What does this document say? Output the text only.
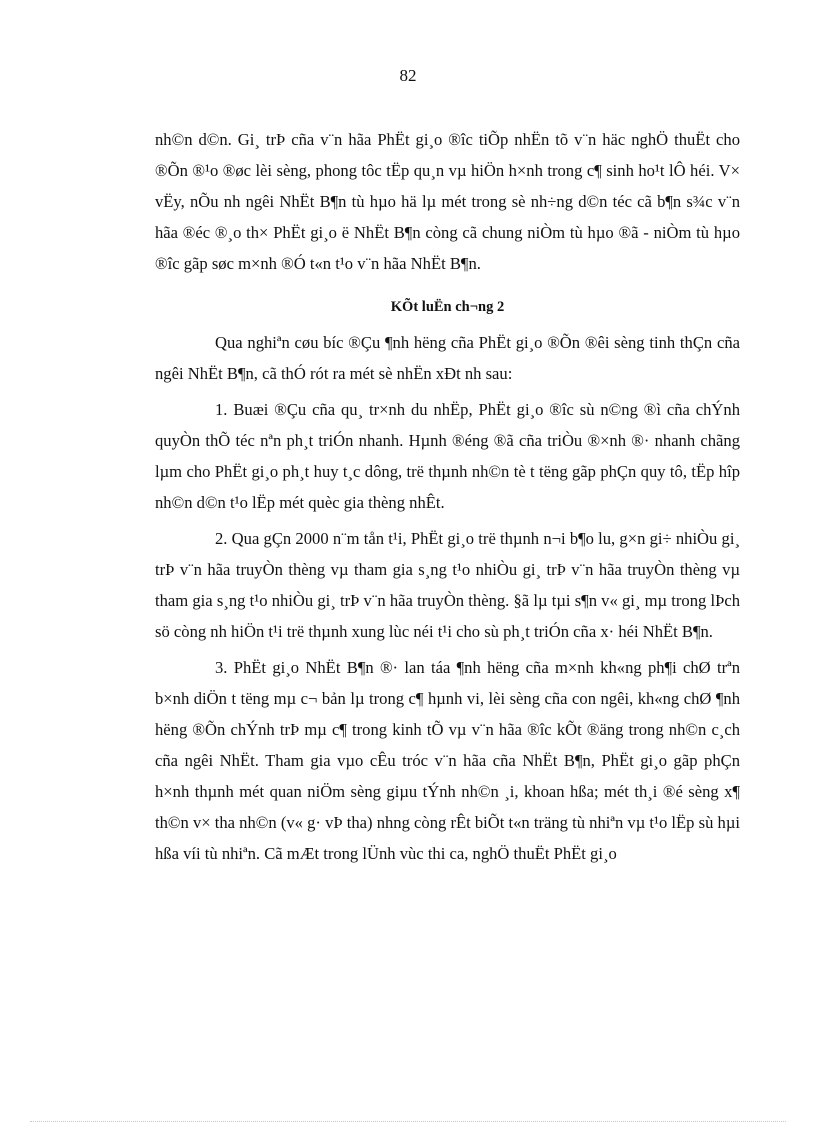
82

nh©n d©n. Gi¸ trÞ cña v¨n hãa PhËt gi¸o ®îc tiÕp nhËn tõ v¨n häc nghÖ thuËt cho ®Õn ®¹o ®øc lèi sèng, phong tôc tËp qu¸n vµ hiÖn h×nh trong c¶ sinh ho¹t lÔ héi. V× vËy, nÕu nh ngêi NhËt B¶n tù hµo hä lµ mét trong sè nh÷ng d©n téc cã b¶n s¾c v¨n hãa ®éc ®¸o th× PhËt gi¸o ë NhËt B¶n còng cã chung niÒm tù hµo ®ã - niÒm tù hµo ®îc gãp søc m×nh ®Ó t«n t¹o v¨n hãa NhËt B¶n.

KÕt luËn ch¬ng 2

Qua nghiªn cøu bíc ®Çu ¶nh hëng cña PhËt gi¸o ®Õn ®êi sèng tinh thÇn cña ngêi NhËt B¶n, cã thÓ rót ra mét sè nhËn xÐt nh sau:

1. Buæi ®Çu cña qu¸ tr×nh du nhËp, PhËt gi¸o ®îc sù n©ng ®ì cña chÝnh quyÒn thÕ téc nªn ph¸t triÓn nhanh. Hµnh ®éng ®ã cña triÒu ®×nh ®· nhanh chãng lµm cho PhËt gi¸o ph¸t huy t¸c dông, trë thµnh nh©n tè t tëng gãp phÇn quy tô, tËp hîp nh©n d©n t¹o lËp mét quèc gia thèng nhÊt.

2. Qua gÇn 2000 n¨m tån t¹i, PhËt gi¸o trë thµnh n¬i b¶o lu, g×n gi÷ nhiÒu gi¸ trÞ v¨n hãa truyÒn thèng vµ tham gia s¸ng t¹o nhiÒu gi¸ trÞ v¨n hãa truyÒn thèng vµ tham gia s¸ng t¹o nhiÒu gi¸ trÞ v¨n hãa truyÒn thèng. §ã lµ tµi s¶n v« gi¸ mµ trong lÞch sö còng nh hiÖn t¹i trë thµnh xung lùc néi t¹i cho sù ph¸t triÓn cña x· héi NhËt B¶n.

3. PhËt gi¸o NhËt B¶n ®· lan táa ¶nh hëng cña m×nh kh«ng ph¶i chØ trªn b×nh diÖn t tëng mµ c¬ bản lµ trong c¶ hµnh vi, lèi sèng cña con ngêi, kh«ng chØ ¶nh hëng ®Õn chÝnh trÞ mµ c¶ trong kinh tÕ vµ v¨n hãa ®îc kÕt ®äng trong nh©n c¸ch cña ngêi NhËt. Tham gia vµo cÊu tróc v¨n hãa cña NhËt B¶n, PhËt gi¸o gãp phÇn h×nh thµnh mét quan niÖm sèng giµu tÝnh nh©n ¸i, khoan hßa; mét th¸i ®é sèng x¶ th©n v× tha nh©n (v« g· vÞ tha) nhng còng rÊt biÕt t«n träng tù nhiªn vµ t¹o lËp sù hµi hßa víi tù nhiªn. Cã mÆt trong lÜnh vùc thi ca, nghÖ thuËt PhËt gi¸o
